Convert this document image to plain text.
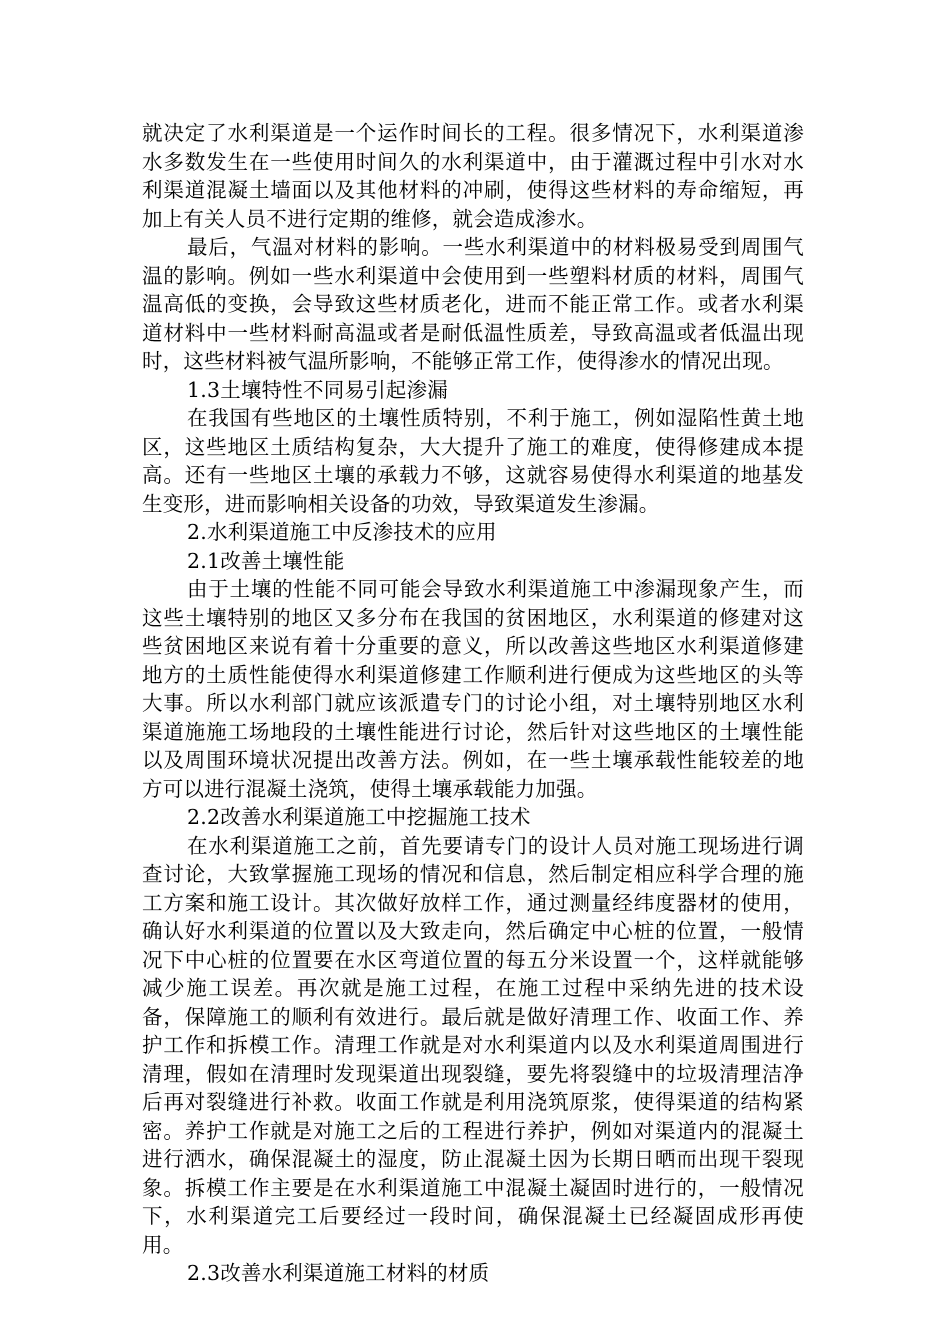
就决定了水利渠道是一个运作时间长的工程。很多情况下，水利渠道渗水多数发生在一些使用时间久的水利渠道中，由于灌溉过程中引水对水利渠道混凝土墙面以及其他材料的冲刷，使得这些材料的寿命缩短，再加上有关人员不进行定期的维修，就会造成渗水。

最后，气温对材料的影响。一些水利渠道中的材料极易受到周围气温的影响。例如一些水利渠道中会使用到一些塑料材质的材料，周围气温高低的变换，会导致这些材质老化，进而不能正常工作。或者水利渠道材料中一些材料耐高温或者是耐低温性质差，导致高温或者低温出现时，这些材料被气温所影响，不能够正常工作，使得渗水的情况出现。

1.3土壤特性不同易引起渗漏

在我国有些地区的土壤性质特别，不利于施工，例如湿陷性黄土地区，这些地区土质结构复杂，大大提升了施工的难度，使得修建成本提高。还有一些地区土壤的承载力不够，这就容易使得水利渠道的地基发生变形，进而影响相关设备的功效，导致渠道发生渗漏。

2.水利渠道施工中反渗技术的应用

2.1改善土壤性能

由于土壤的性能不同可能会导致水利渠道施工中渗漏现象产生，而这些土壤特别的地区又多分布在我国的贫困地区，水利渠道的修建对这些贫困地区来说有着十分重要的意义，所以改善这些地区水利渠道修建地方的土质性能使得水利渠道修建工作顺利进行便成为这些地区的头等大事。所以水利部门就应该派遣专门的讨论小组，对土壤特别地区水利渠道施施工场地段的土壤性能进行讨论，然后针对这些地区的土壤性能以及周围环境状况提出改善方法。例如，在一些土壤承载性能较差的地方可以进行混凝土浇筑，使得土壤承载能力加强。

2.2改善水利渠道施工中挖掘施工技术

在水利渠道施工之前，首先要请专门的设计人员对施工现场进行调查讨论，大致掌握施工现场的情况和信息，然后制定相应科学合理的施工方案和施工设计。其次做好放样工作，通过测量经纬度器材的使用，确认好水利渠道的位置以及大致走向，然后确定中心桩的位置，一般情况下中心桩的位置要在水区弯道位置的每五分米设置一个，这样就能够减少施工误差。再次就是施工过程，在施工过程中采纳先进的技术设备，保障施工的顺利有效进行。最后就是做好清理工作、收面工作、养护工作和拆模工作。清理工作就是对水利渠道内以及水利渠道周围进行清理，假如在清理时发现渠道出现裂缝，要先将裂缝中的垃圾清理洁净后再对裂缝进行补救。收面工作就是利用浇筑原浆，使得渠道的结构紧密。养护工作就是对施工之后的工程进行养护，例如对渠道内的混凝土进行洒水，确保混凝土的湿度，防止混凝土因为长期日晒而出现干裂现象。拆模工作主要是在水利渠道施工中混凝土凝固时进行的，一般情况下，水利渠道完工后要经过一段时间，确保混凝土已经凝固成形再使用。

2.3改善水利渠道施工材料的材质
